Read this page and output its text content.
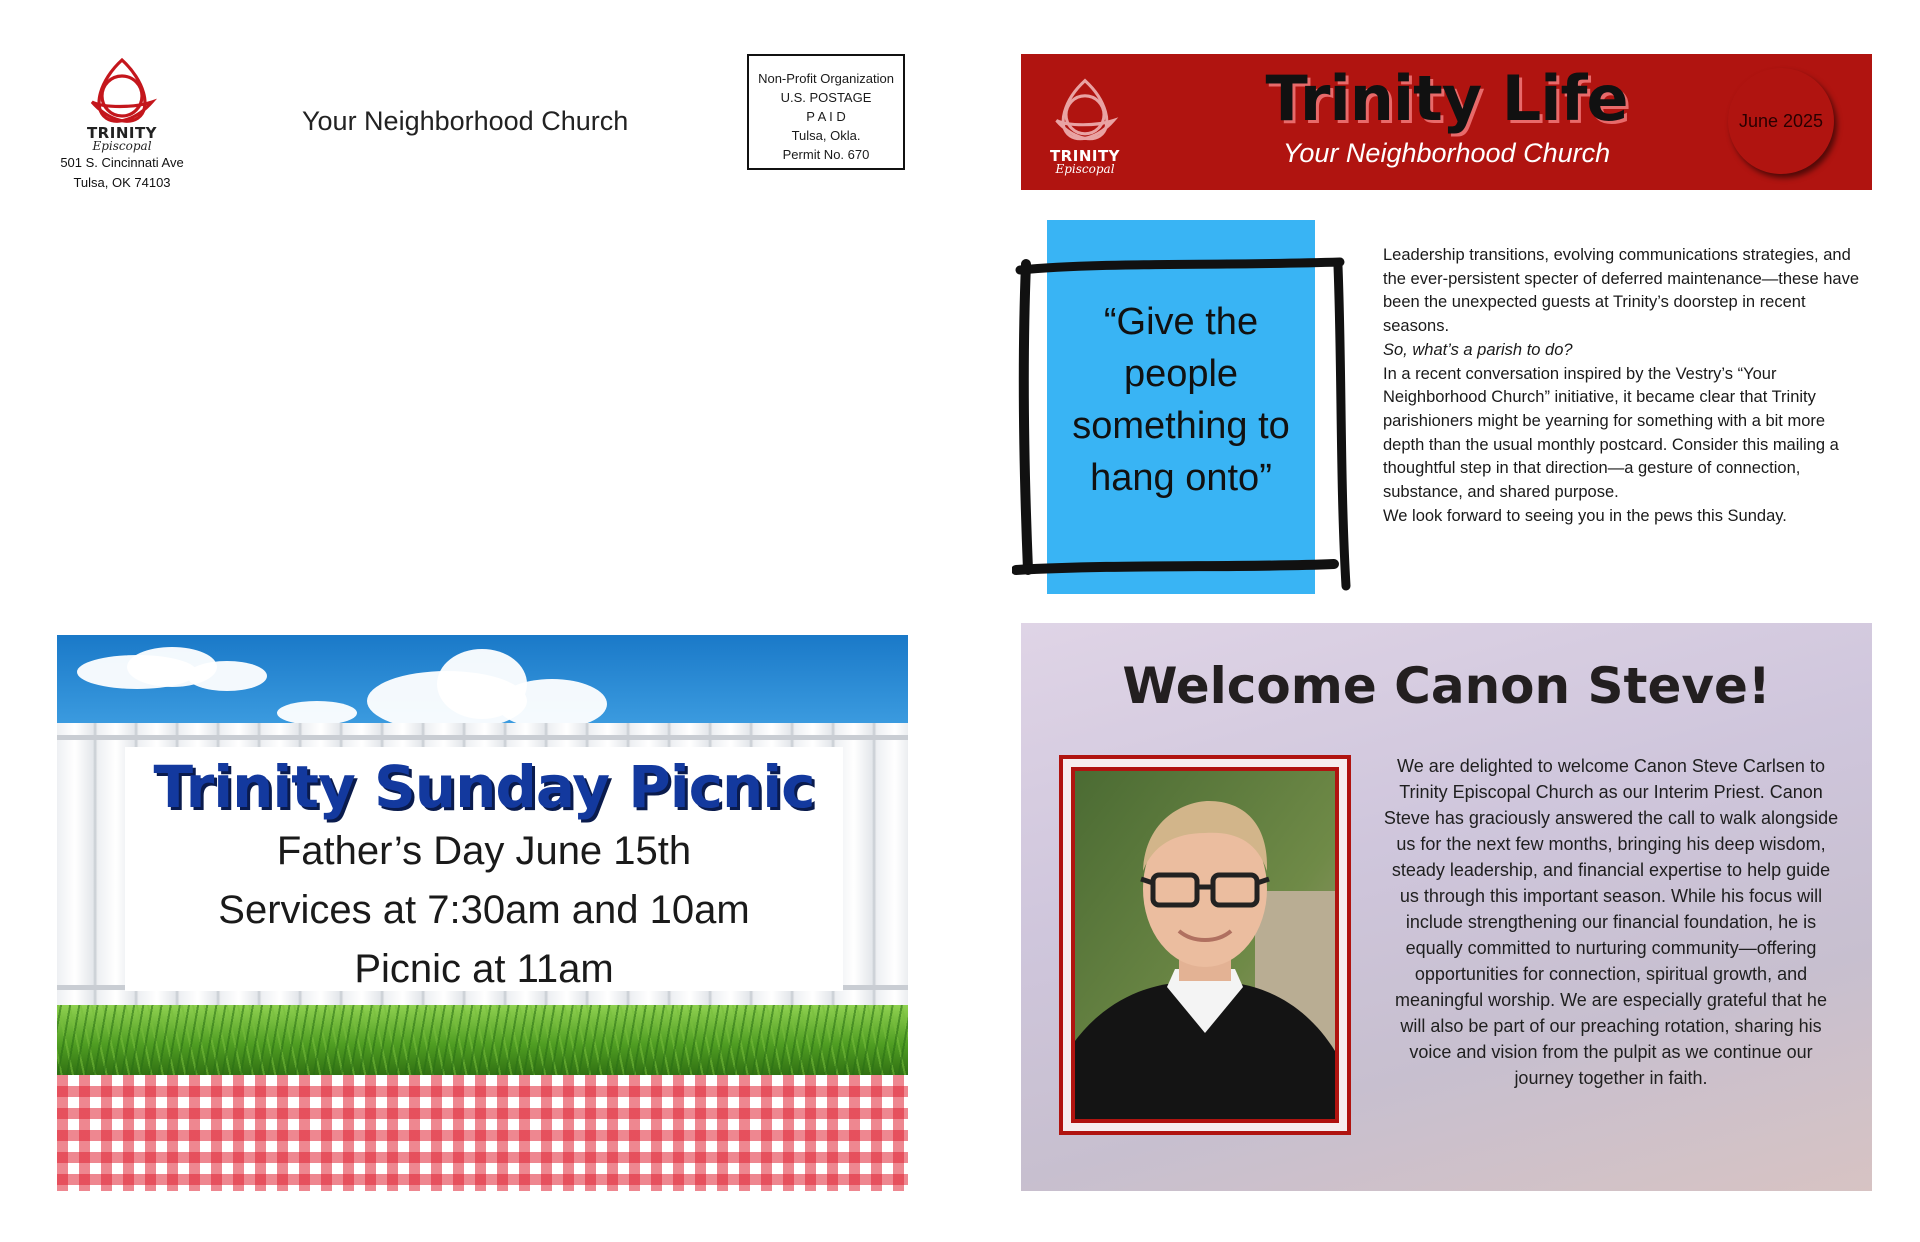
TRINITY
Episcopal
501 S. Cincinnati Ave
Tulsa, OK 74103
Your Neighborhood Church
Non-Profit Organization
U.S. POSTAGE
P A I D
Tulsa, Okla.
Permit No. 670	TRINITY
Episcopal
Trinity Life
Your Neighborhood Church
June 2025
“Give the
people
something to
hang onto”

Leadership transitions, evolving communications strategies, and the ever-persistent specter of deferred maintenance—these have been the unexpected guests at Trinity’s doorstep in recent seasons.

So, what’s a parish to do?

In a recent conversation inspired by the Vestry’s “Your Neighborhood Church” initiative, it became clear that Trinity parishioners might be yearning for something with a bit more depth than the usual monthly postcard. Consider this mailing a thoughtful step in that direction—a gesture of connection, substance, and shared purpose.

We look forward to seeing you in the pews this Sunday.

Trinity Sunday Picnic
Father’s Day June 15th
Services at 7:30am and 10am
Picnic at 11am
Welcome Canon Steve!
We are delighted to welcome Canon Steve Carlsen to Trinity Episcopal Church as our Interim Priest. Canon Steve has graciously answered the call to walk alongside us for the next few months, bringing his deep wisdom, steady leadership, and financial expertise to help guide us through this important season. While his focus will include strengthening our financial foundation, he is equally committed to nurturing community—offering opportunities for connection, spiritual growth, and meaningful worship. We are especially grateful that he will also be part of our preaching rotation, sharing his voice and vision from the pulpit as we continue our journey together in faith.
